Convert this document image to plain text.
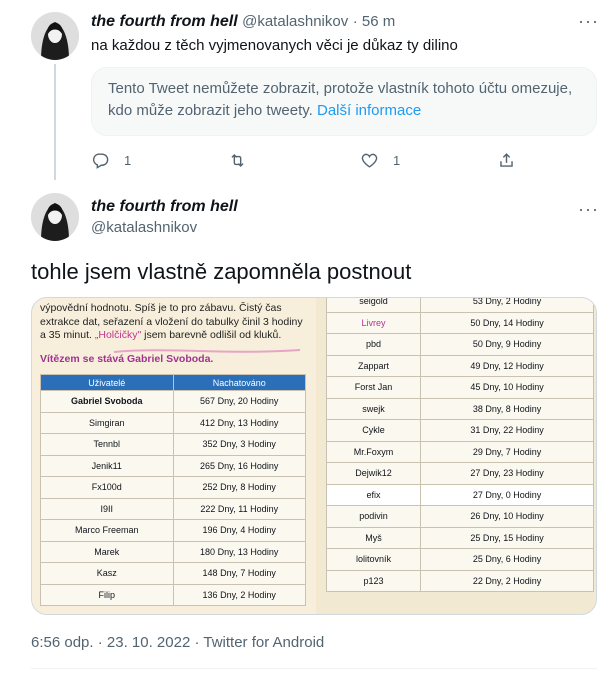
the fourth from hell @katalashnikov · 56 m	···
na každou z těch vyjmenovanych věci je důkaz ty dilino
Tento Tweet nemůžete zobrazit, protože vlastník tohoto účtu omezuje,
kdo může zobrazit jeho tweety. Další informace
1	1
the fourth from hell
@katalashnikov
···
tohle jsem vlastně zapomněla postnout
výpovědní hodnotu. Spíš je to pro zábavu. Čistý čas extrakce dat, seřazení a vložení do tabulky činil 3 hodiny a 35 minut. „Holčičky" jsem barevně odlišil od kluků.
Vítězem se stává Gabriel Svoboda.
Uživatelé	Nachatováno
Gabriel Svoboda	567 Dny, 20 Hodiny
Simgiran	412 Dny, 13 Hodiny
Tennbl	352 Dny, 3 Hodiny
Jenik11	265 Dny, 16 Hodiny
Fx100d	252 Dny, 8 Hodiny
I9II	222 Dny, 11 Hodiny
Marco Freeman	196 Dny, 4 Hodiny
Marek	180 Dny, 13 Hodiny
Kasz	148 Dny, 7 Hodiny
Filip	136 Dny, 2 Hodiny
seigold	53 Dny, 2 Hodiny
Livrey	50 Dny, 14 Hodiny
pbd	50 Dny, 9 Hodiny
Zappart	49 Dny, 12 Hodiny
Forst Jan	45 Dny, 10 Hodiny
swejk	38 Dny, 8 Hodiny
Cykle	31 Dny, 22 Hodiny
Mr.Foxym	29 Dny, 7 Hodiny
Dejwik12	27 Dny, 23 Hodiny
efix	27 Dny, 0 Hodiny
podivin	26 Dny, 10 Hodiny
Myš	25 Dny, 15 Hodiny
lolitovník	25 Dny, 6 Hodiny
p123	22 Dny, 2 Hodiny
6:56 odp. · 23. 10. 2022 · Twitter for Android
